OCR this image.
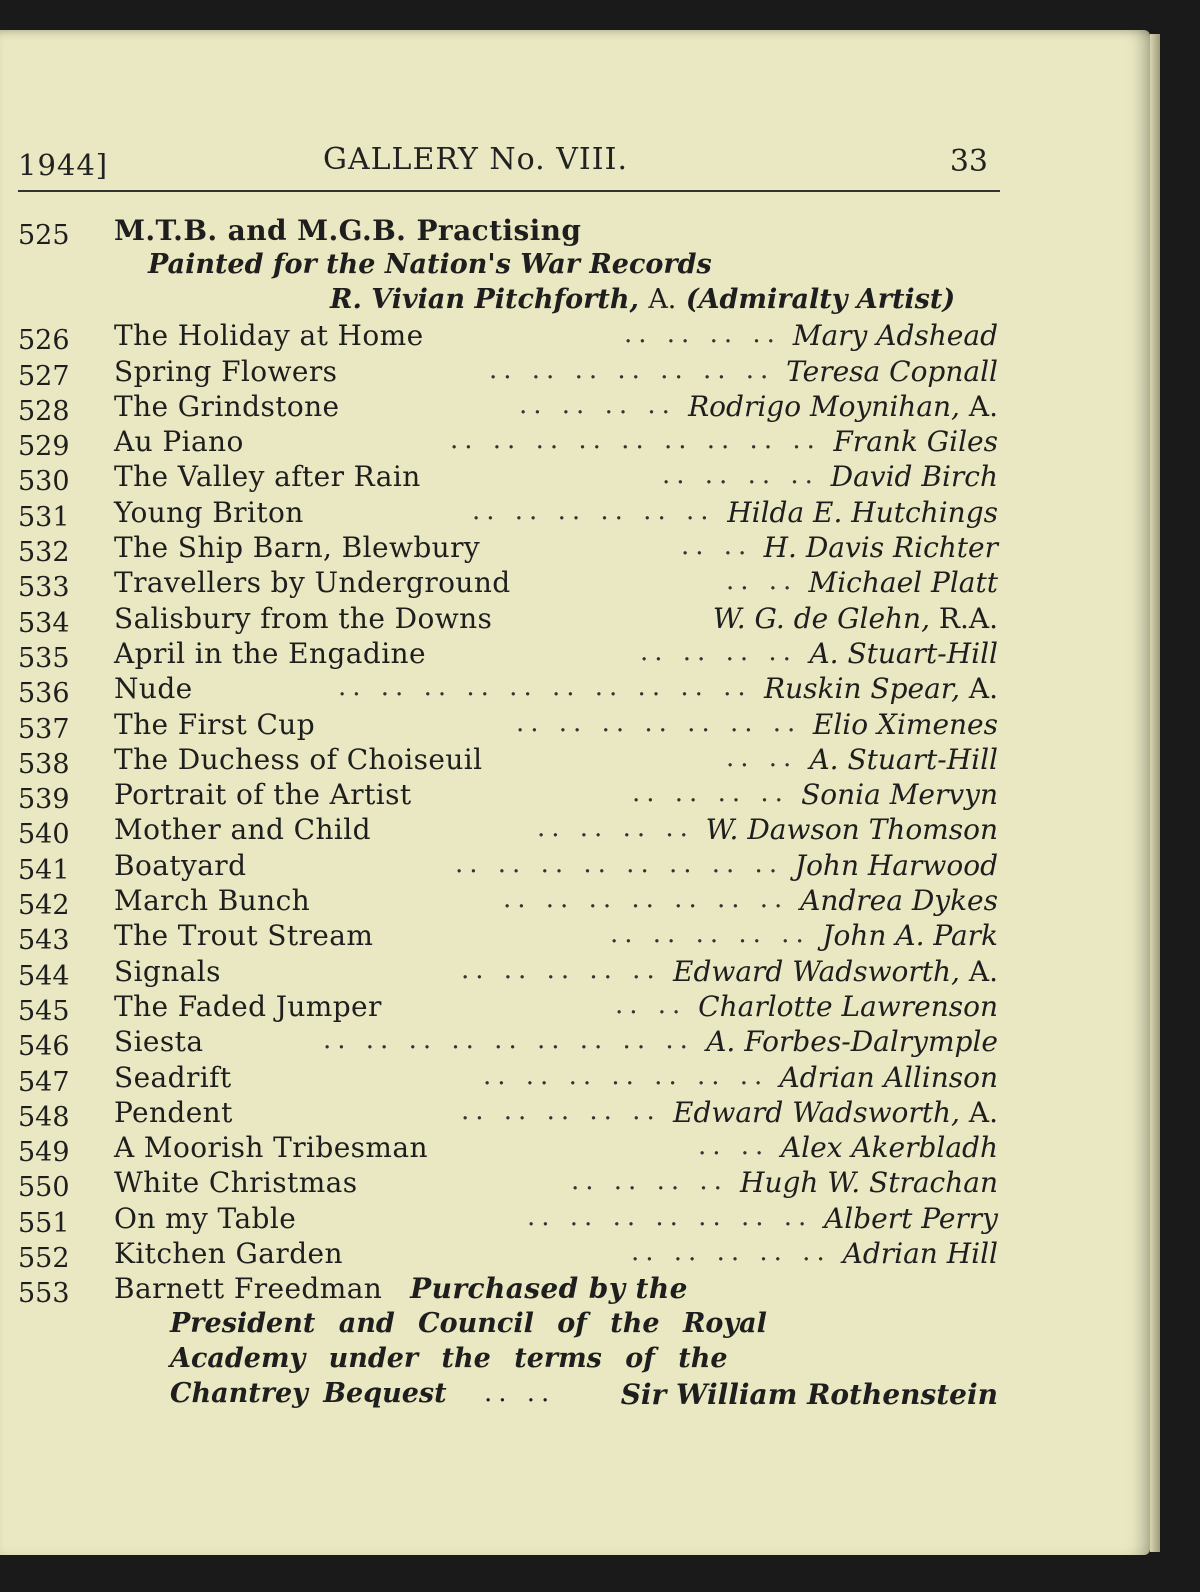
1944]	GALLERY No. VIII.	33
525	M.T.B. and M.G.B. Practising
Painted for the Nation's War Records
R. Vivian Pitchforth, A. (Admiralty Artist)
526	The Holiday at Home	.. .. .. .. Mary Adshead
527	Spring Flowers	.. .. .. .. .. .. .. Teresa Copnall
528	The Grindstone	.. .. .. .. Rodrigo Moynihan, A.
529	Au Piano	.. .. .. .. .. .. .. .. .. Frank Giles
530	The Valley after Rain	.. .. .. .. David Birch
531	Young Briton	.. .. .. .. .. .. Hilda E. Hutchings
532	The Ship Barn, Blewbury	.. .. H. Davis Richter
533	Travellers by Underground	.. .. Michael Platt
534	Salisbury from the Downs	W. G. de Glehn, R.A.
535	April in the Engadine	.. .. .. .. A. Stuart-Hill
536	Nude	.. .. .. .. .. .. .. .. .. .. Ruskin Spear, A.
537	The First Cup	.. .. .. .. .. .. .. Elio Ximenes
538	The Duchess of Choiseuil	.. .. A. Stuart-Hill
539	Portrait of the Artist	.. .. .. .. Sonia Mervyn
540	Mother and Child	.. .. .. .. W. Dawson Thomson
541	Boatyard	.. .. .. .. .. .. .. .. John Harwood
542	March Bunch	.. .. .. .. .. .. .. Andrea Dykes
543	The Trout Stream	.. .. .. .. .. John A. Park
544	Signals	.. .. .. .. .. Edward Wadsworth, A.
545	The Faded Jumper	.. .. Charlotte Lawrenson
546	Siesta	.. .. .. .. .. .. .. .. .. A. Forbes-Dalrymple
547	Seadrift	.. .. .. .. .. .. .. Adrian Allinson
548	Pendent	.. .. .. .. .. Edward Wadsworth, A.
549	A Moorish Tribesman	.. .. Alex Akerbladh
550	White Christmas	.. .. .. .. Hugh W. Strachan
551	On my Table	.. .. .. .. .. .. .. Albert Perry
552	Kitchen Garden	.. .. .. .. .. Adrian Hill
553	Barnett Freedman Purchased by the
President and Council of the Royal
Academy under the terms of the
Chantrey Bequest .. .. Sir William Rothenstein
